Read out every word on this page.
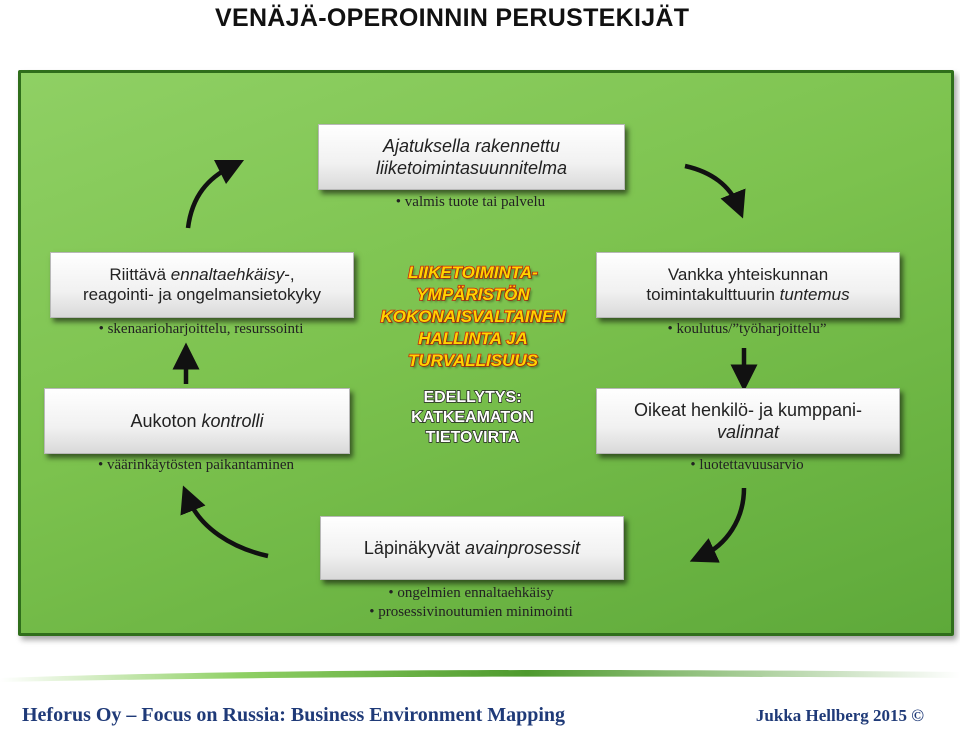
VENÄJÄ-OPEROINNIN PERUSTEKIJÄT
Ajatuksella rakennettu
liiketoimintasuunnitelma
• valmis tuote tai palvelu
Riittävä ennaltaehkäisy-,
reagointi- ja ongelmansietokyky
• skenaarioharjoittelu, resurssointi
Vankka yhteiskunnan
toimintakulttuurin tuntemus
• koulutus/”työharjoittelu”
LIIKETOIMINTA-
YMPÄRISTÖN
KOKONAISVALTAINEN
HALLINTA JA
TURVALLISUUS
EDELLYTYS:
KATKEAMATON
TIETOVIRTA
Aukoton kontrolli
• väärinkäytösten paikantaminen
Oikeat henkilö- ja kumppani-
valinnat
• luotettavuusarvio
Läpinäkyvät avainprosessit
• ongelmien ennaltaehkäisy
• prosessivinoutumien minimointi
Heforus Oy – Focus on Russia: Business Environment Mapping	Jukka Hellberg 2015 ©
